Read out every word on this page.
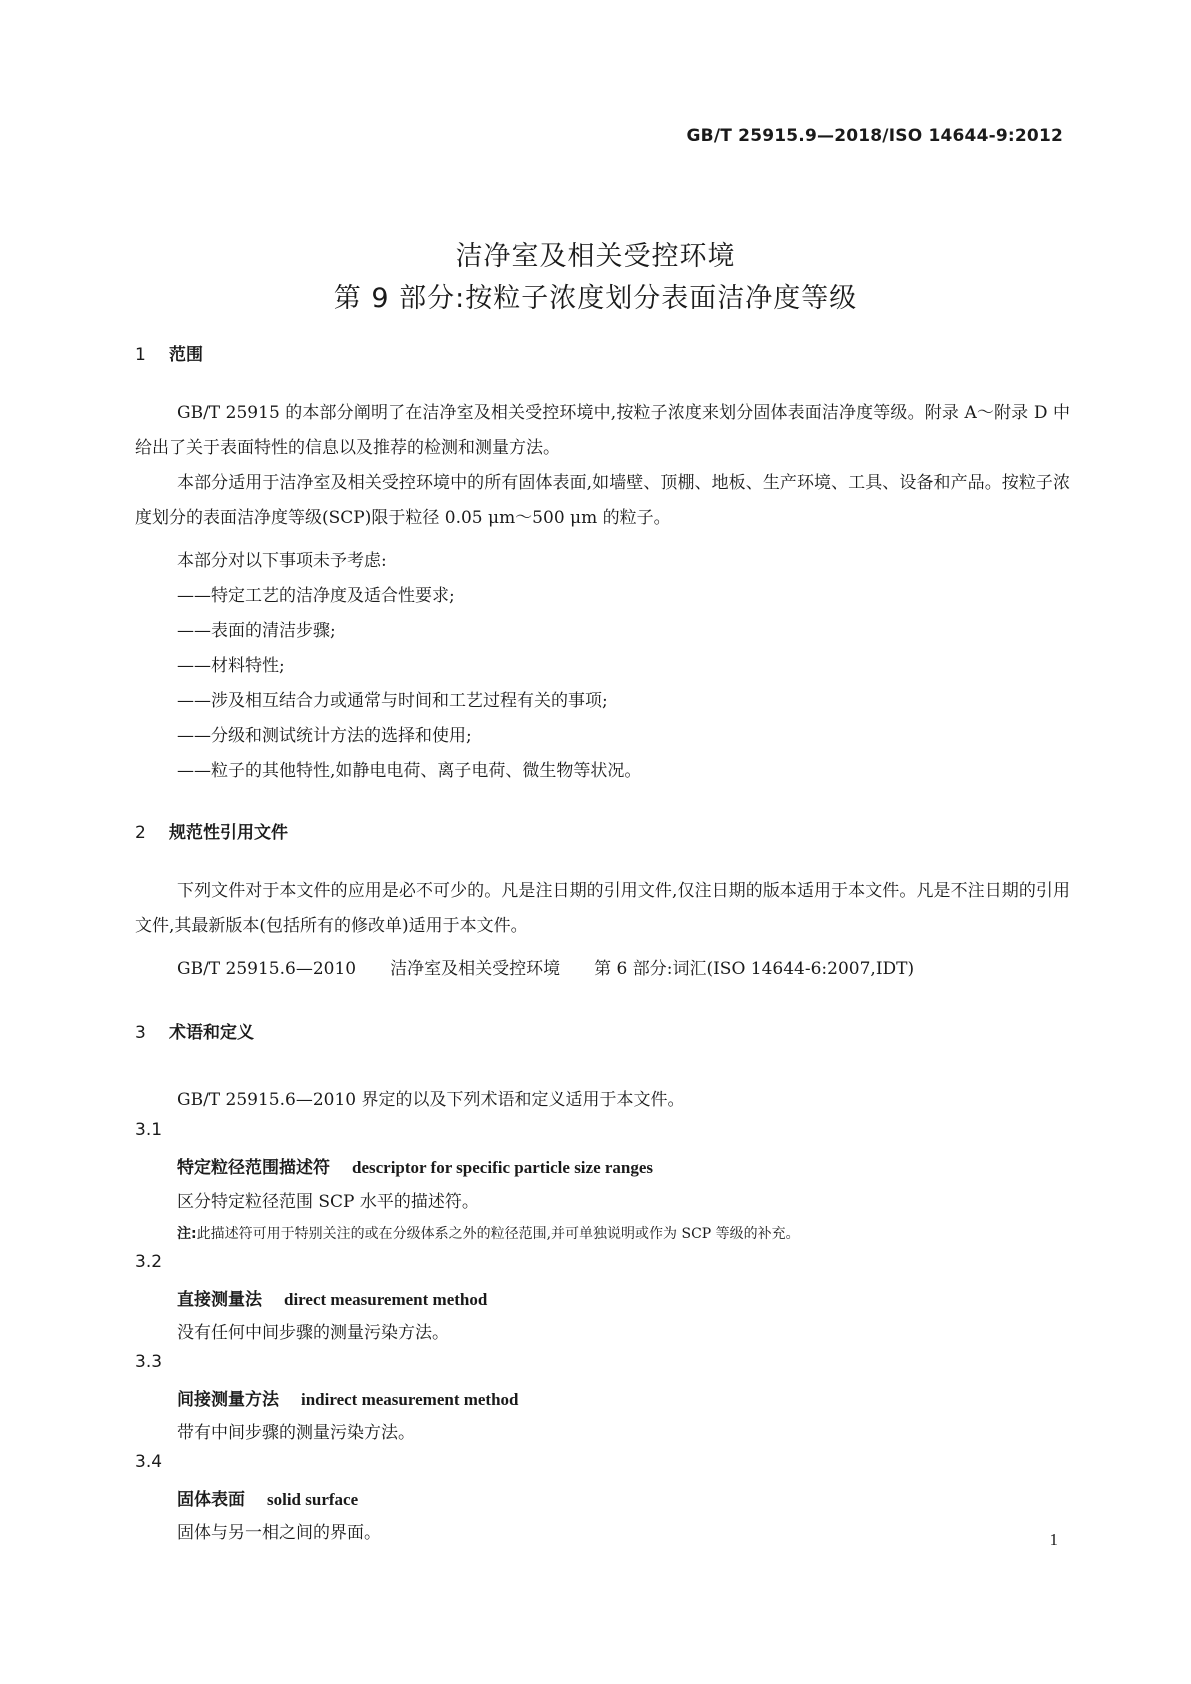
GB/T 25915.9—2018/ISO 14644-9:2012
洁净室及相关受控环境
第 9 部分:按粒子浓度划分表面洁净度等级
1 范围
GB/T 25915 的本部分阐明了在洁净室及相关受控环境中,按粒子浓度来划分固体表面洁净度等级。附录 A～附录 D 中给出了关于表面特性的信息以及推荐的检测和测量方法。
本部分适用于洁净室及相关受控环境中的所有固体表面,如墙壁、顶棚、地板、生产环境、工具、设备和产品。按粒子浓度划分的表面洁净度等级(SCP)限于粒径 0.05 μm～500 μm 的粒子。
本部分对以下事项未予考虑:
——特定工艺的洁净度及适合性要求;
——表面的清洁步骤;
——材料特性;
——涉及相互结合力或通常与时间和工艺过程有关的事项;
——分级和测试统计方法的选择和使用;
——粒子的其他特性,如静电电荷、离子电荷、微生物等状况。
2 规范性引用文件
下列文件对于本文件的应用是必不可少的。凡是注日期的引用文件,仅注日期的版本适用于本文件。凡是不注日期的引用文件,其最新版本(包括所有的修改单)适用于本文件。
GB/T 25915.6—2010 洁净室及相关受控环境 第 6 部分:词汇(ISO 14644-6:2007,IDT)
3 术语和定义
GB/T 25915.6—2010 界定的以及下列术语和定义适用于本文件。
3.1
特定粒径范围描述符 descriptor for specific particle size ranges
区分特定粒径范围 SCP 水平的描述符。
注:此描述符可用于特别关注的或在分级体系之外的粒径范围,并可单独说明或作为 SCP 等级的补充。
3.2
直接测量法 direct measurement method
没有任何中间步骤的测量污染方法。
3.3
间接测量方法 indirect measurement method
带有中间步骤的测量污染方法。
3.4
固体表面 solid surface
固体与另一相之间的界面。	1
